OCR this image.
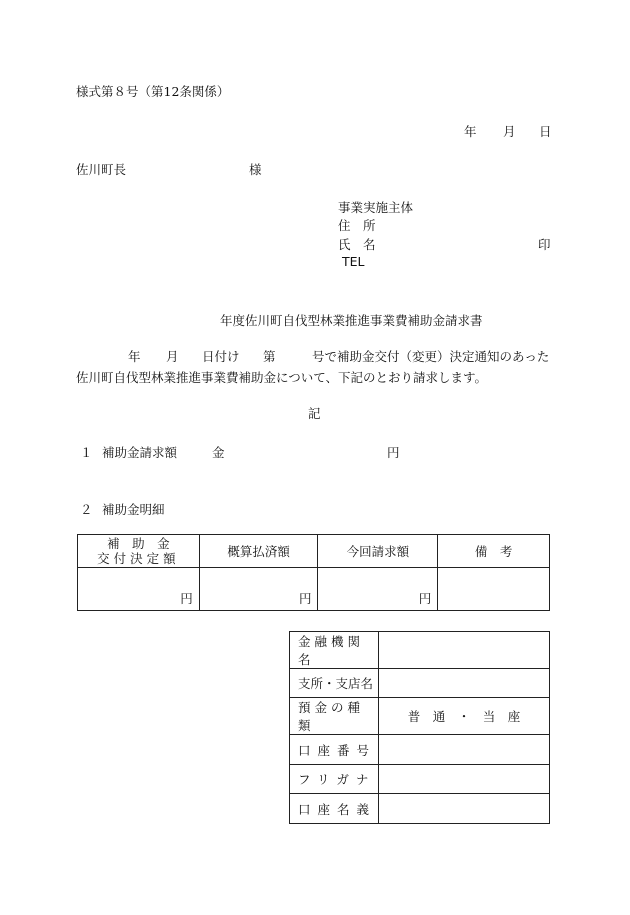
様式第８号（第12条関係）
年 月 日
佐川町長	様
事業実施主体
住　所
氏　名	印
TEL
年度佐川町自伐型林業推進事業費補助金請求書
年 月 日付け 第	号で補助金交付（変更）決定通知のあった
佐川町自伐型林業推進事業費補助金について、下記のとおり請求します。
記
１ 補助金請求額	金	円
２ 補助金明細
補　助　金
交付決定額	概算払済額	今回請求額	備　考
円	円	円	
金融機関名	
支所・支店名	
預金の種類	普　通　・　当　座
口座番号	
フリガナ	
口座名義	
